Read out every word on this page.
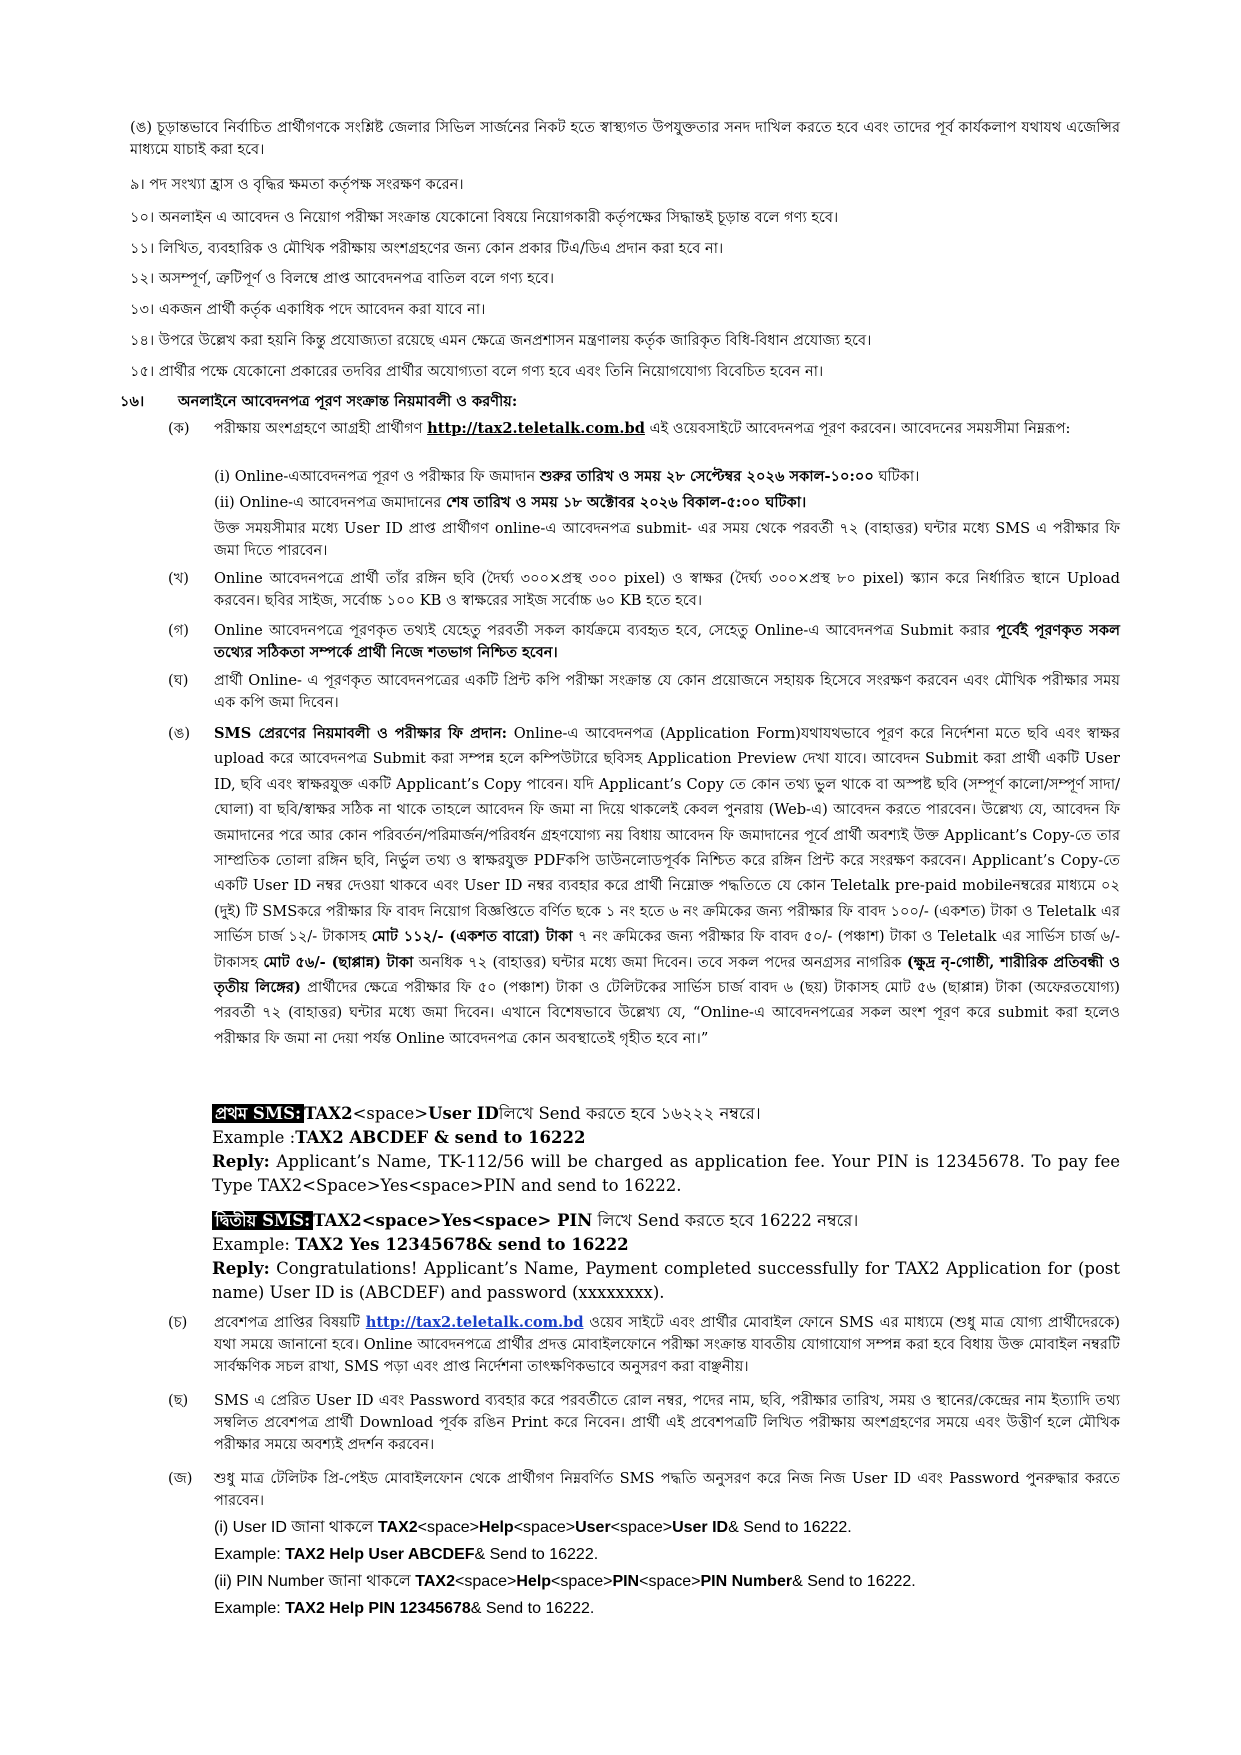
(ঙ) চূড়ান্তভাবে নির্বাচিত প্রার্থীগণকে সংশ্লিষ্ট জেলার সিভিল সার্জনের নিকট হতে স্বাস্থ্যগত উপযুক্ততার সনদ দাখিল করতে হবে এবং তাদের পূর্ব কার্যকলাপ যথাযথ এজেন্সির মাধ্যমে যাচাই করা হবে।
৯। পদ সংখ্যা হ্রাস ও বৃদ্ধির ক্ষমতা কর্তৃপক্ষ সংরক্ষণ করেন।
১০। অনলাইন এ আবেদন ও নিয়োগ পরীক্ষা সংক্রান্ত যেকোনো বিষয়ে নিয়োগকারী কর্তৃপক্ষের সিদ্ধান্তই চূড়ান্ত বলে গণ্য হবে।
১১। লিখিত, ব্যবহারিক ও মৌখিক পরীক্ষায় অংশগ্রহণের জন্য কোন প্রকার টিএ/ডিএ প্রদান করা হবে না।
১২। অসম্পূর্ণ, ত্রুটিপূর্ণ ও বিলম্বে প্রাপ্ত আবেদনপত্র বাতিল বলে গণ্য হবে।
১৩। একজন প্রার্থী কর্তৃক একাধিক পদে আবেদন করা যাবে না।
১৪। উপরে উল্লেখ করা হয়নি কিন্তু প্রযোজ্যতা রয়েছে এমন ক্ষেত্রে জনপ্রশাসন মন্ত্রণালয় কর্তৃক জারিকৃত বিধি-বিধান প্রযোজ্য হবে।
১৫। প্রার্থীর পক্ষে যেকোনো প্রকারের তদবির প্রার্থীর অযোগ্যতা বলে গণ্য হবে এবং তিনি নিয়োগযোগ্য বিবেচিত হবেন না।
১৬। অনলাইনে আবেদনপত্র পূরণ সংক্রান্ত নিয়মাবলী ও করণীয়:
(ক) পরীক্ষায় অংশগ্রহণে আগ্রহী প্রার্থীগণ http://tax2.teletalk.com.bd এই ওয়েবসাইটে আবেদনপত্র পূরণ করবেন। আবেদনের সময়সীমা নিম্নরূপ:
(i) Online-এআবেদনপত্র পূরণ ও পরীক্ষার ফি জমাদান শুরুর তারিখ ও সময় ২৮ সেপ্টেম্বর ২০২৬ সকাল-১০:০০ ঘটিকা।
(ii) Online-এ আবেদনপত্র জমাদানের শেষ তারিখ ও সময় ১৮ অক্টোবর ২০২৬ বিকাল-৫:০০ ঘটিকা।
উক্ত সময়সীমার মধ্যে User ID প্রাপ্ত প্রার্থীগণ online-এ আবেদনপত্র submit- এর সময় থেকে পরবর্তী ৭২ (বাহাত্তর) ঘন্টার মধ্যে SMS এ পরীক্ষার ফি জমা দিতে পারবেন।
(খ) Online আবেদনপত্রে প্রার্থী তাঁর রঙ্গিন ছবি (দৈর্ঘ্য ৩০০×প্রস্থ ৩০০ pixel) ও স্বাক্ষর (দৈর্ঘ্য ৩০০×প্রস্থ ৮০ pixel) স্ক্যান করে নির্ধারিত স্থানে Upload করবেন। ছবির সাইজ, সর্বোচ্চ ১০০ KB ও স্বাক্ষরের সাইজ সর্বোচ্চ ৬০ KB হতে হবে।
(গ) Online আবেদনপত্রে পূরণকৃত তথ্যই যেহেতু পরবর্তী সকল কার্যক্রমে ব্যবহৃত হবে, সেহেতু Online-এ আবেদনপত্র Submit করার পূর্বেই পূরণকৃত সকল তথ্যের সঠিকতা সম্পর্কে প্রার্থী নিজে শতভাগ নিশ্চিত হবেন।
(ঘ) প্রার্থী Online- এ পূরণকৃত আবেদনপত্রের একটি প্রিন্ট কপি পরীক্ষা সংক্রান্ত যে কোন প্রয়োজনে সহায়ক হিসেবে সংরক্ষণ করবেন এবং মৌখিক পরীক্ষার সময় এক কপি জমা দিবেন।
(ঙ) SMS প্রেরণের নিয়মাবলী ও পরীক্ষার ফি প্রদান: Online-এ আবেদনপত্র (Application Form)যথাযথভাবে পূরণ করে নির্দেশনা মতে ছবি এবং স্বাক্ষর upload করে আবেদনপত্র Submit করা সম্পন্ন হলে কম্পিউটারে ছবিসহ Application Preview দেখা যাবে। আবেদন Submit করা প্রার্থী একটি User ID, ছবি এবং স্বাক্ষরযুক্ত একটি Applicant’s Copy পাবেন। যদি Applicant’s Copy তে কোন তথ্য ভুল থাকে বা অস্পষ্ট ছবি (সম্পূর্ণ কালো/সম্পূর্ণ সাদা/ঘোলা) বা ছবি/স্বাক্ষর সঠিক না থাকে তাহলে আবেদন ফি জমা না দিয়ে থাকলেই কেবল পুনরায় (Web-এ) আবেদন করতে পারবেন। উল্লেখ্য যে, আবেদন ফি জমাদানের পরে আর কোন পরিবর্তন/পরিমার্জন/পরিবর্ধন গ্রহণযোগ্য নয় বিধায় আবেদন ফি জমাদানের পূর্বে প্রার্থী অবশ্যই উক্ত Applicant’s Copy-তে তার সাম্প্রতিক তোলা রঙ্গিন ছবি, নির্ভুল তথ্য ও স্বাক্ষরযুক্ত PDFকপি ডাউনলোডপূর্বক নিশ্চিত করে রঙ্গিন প্রিন্ট করে সংরক্ষণ করবেন। Applicant’s Copy-তে একটি User ID নম্বর দেওয়া থাকবে এবং User ID নম্বর ব্যবহার করে প্রার্থী নিম্নোক্ত পদ্ধতিতে যে কোন Teletalk pre-paid mobileনম্বরের মাধ্যমে ০২ (দুই) টি SMSকরে পরীক্ষার ফি বাবদ নিয়োগ বিজ্ঞপ্তিতে বর্ণিত ছকে ১ নং হতে ৬ নং ক্রমিকের জন্য পরীক্ষার ফি বাবদ ১০০/- (একশত) টাকা ও Teletalk এর সার্ভিস চার্জ ১২/- টাকাসহ মোট ১১২/- (একশত বারো) টাকা ৭ নং ক্রমিকের জন্য পরীক্ষার ফি বাবদ ৫০/- (পঞ্চাশ) টাকা ও Teletalk এর সার্ভিস চার্জ ৬/- টাকাসহ মোট ৫৬/- (ছাপ্পান্ন) টাকা অনধিক ৭২ (বাহাত্তর) ঘন্টার মধ্যে জমা দিবেন। তবে সকল পদের অনগ্রসর নাগরিক (ক্ষুদ্র নৃ-গোষ্ঠী, শারীরিক প্রতিবন্ধী ও তৃতীয় লিঙ্গের) প্রার্থীদের ক্ষেত্রে পরীক্ষার ফি ৫০ (পঞ্চাশ) টাকা ও টেলিটকের সার্ভিস চার্জ বাবদ ৬ (ছয়) টাকাসহ মোট ৫৬ (ছাপ্পান্ন) টাকা (অফেরতযোগ্য) পরবর্তী ৭২ (বাহাত্তর) ঘন্টার মধ্যে জমা দিবেন। এখানে বিশেষভাবে উল্লেখ্য যে, “Online-এ আবেদনপত্রের সকল অংশ পূরণ করে submit করা হলেও পরীক্ষার ফি জমা না দেয়া পর্যন্ত Online আবেদনপত্র কোন অবস্থাতেই গৃহীত হবে না।”
প্রথম SMS: TAX2<space>User IDলিখে Send করতে হবে ১৬২২২ নম্বরে।
Example :TAX2 ABCDEF & send to 16222
Reply: Applicant’s Name, TK-112/56 will be charged as application fee. Your PIN is 12345678. To pay fee Type TAX2<Space>Yes<space>PIN and send to 16222.
দ্বিতীয় SMS: TAX2<space>Yes<space> PIN লিখে Send করতে হবে 16222 নম্বরে।
Example: TAX2 Yes 12345678& send to 16222
Reply: Congratulations! Applicant’s Name, Payment completed successfully for TAX2 Application for (post name) User ID is (ABCDEF) and password (xxxxxxxx).
(চ) প্রবেশপত্র প্রাপ্তির বিষয়টি http://tax2.teletalk.com.bd ওয়েব সাইটে এবং প্রার্থীর মোবাইল ফোনে SMS এর মাধ্যমে (শুধু মাত্র যোগ্য প্রার্থীদেরকে) যথা সময়ে জানানো হবে। Online আবেদনপত্রে প্রার্থীর প্রদত্ত মোবাইলফোনে পরীক্ষা সংক্রান্ত যাবতীয় যোগাযোগ সম্পন্ন করা হবে বিধায় উক্ত মোবাইল নম্বরটি সার্বক্ষণিক সচল রাখা, SMS পড়া এবং প্রাপ্ত নির্দেশনা তাৎক্ষণিকভাবে অনুসরণ করা বাঞ্ছনীয়।
(ছ) SMS এ প্রেরিত User ID এবং Password ব্যবহার করে পরবর্তীতে রোল নম্বর, পদের নাম, ছবি, পরীক্ষার তারিখ, সময় ও স্থানের/কেন্দ্রের নাম ইত্যাদি তথ্য সম্বলিত প্রবেশপত্র প্রার্থী Download পূর্বক রঙিন Print করে নিবেন। প্রার্থী এই প্রবেশপত্রটি লিখিত পরীক্ষায় অংশগ্রহণের সময়ে এবং উত্তীর্ণ হলে মৌখিক পরীক্ষার সময়ে অবশ্যই প্রদর্শন করবেন।
(জ) শুধু মাত্র টেলিটক প্রি-পেইড মোবাইলফোন থেকে প্রার্থীগণ নিম্নবর্ণিত SMS পদ্ধতি অনুসরণ করে নিজ নিজ User ID এবং Password পুনরুদ্ধার করতে পারবেন।
(i) User ID জানা থাকলে TAX2<space>Help<space>User<space>User ID& Send to 16222.
Example: TAX2 Help User ABCDEF& Send to 16222.
(ii) PIN Number জানা থাকলে TAX2<space>Help<space>PIN<space>PIN Number& Send to 16222.
Example: TAX2 Help PIN 12345678& Send to 16222.
